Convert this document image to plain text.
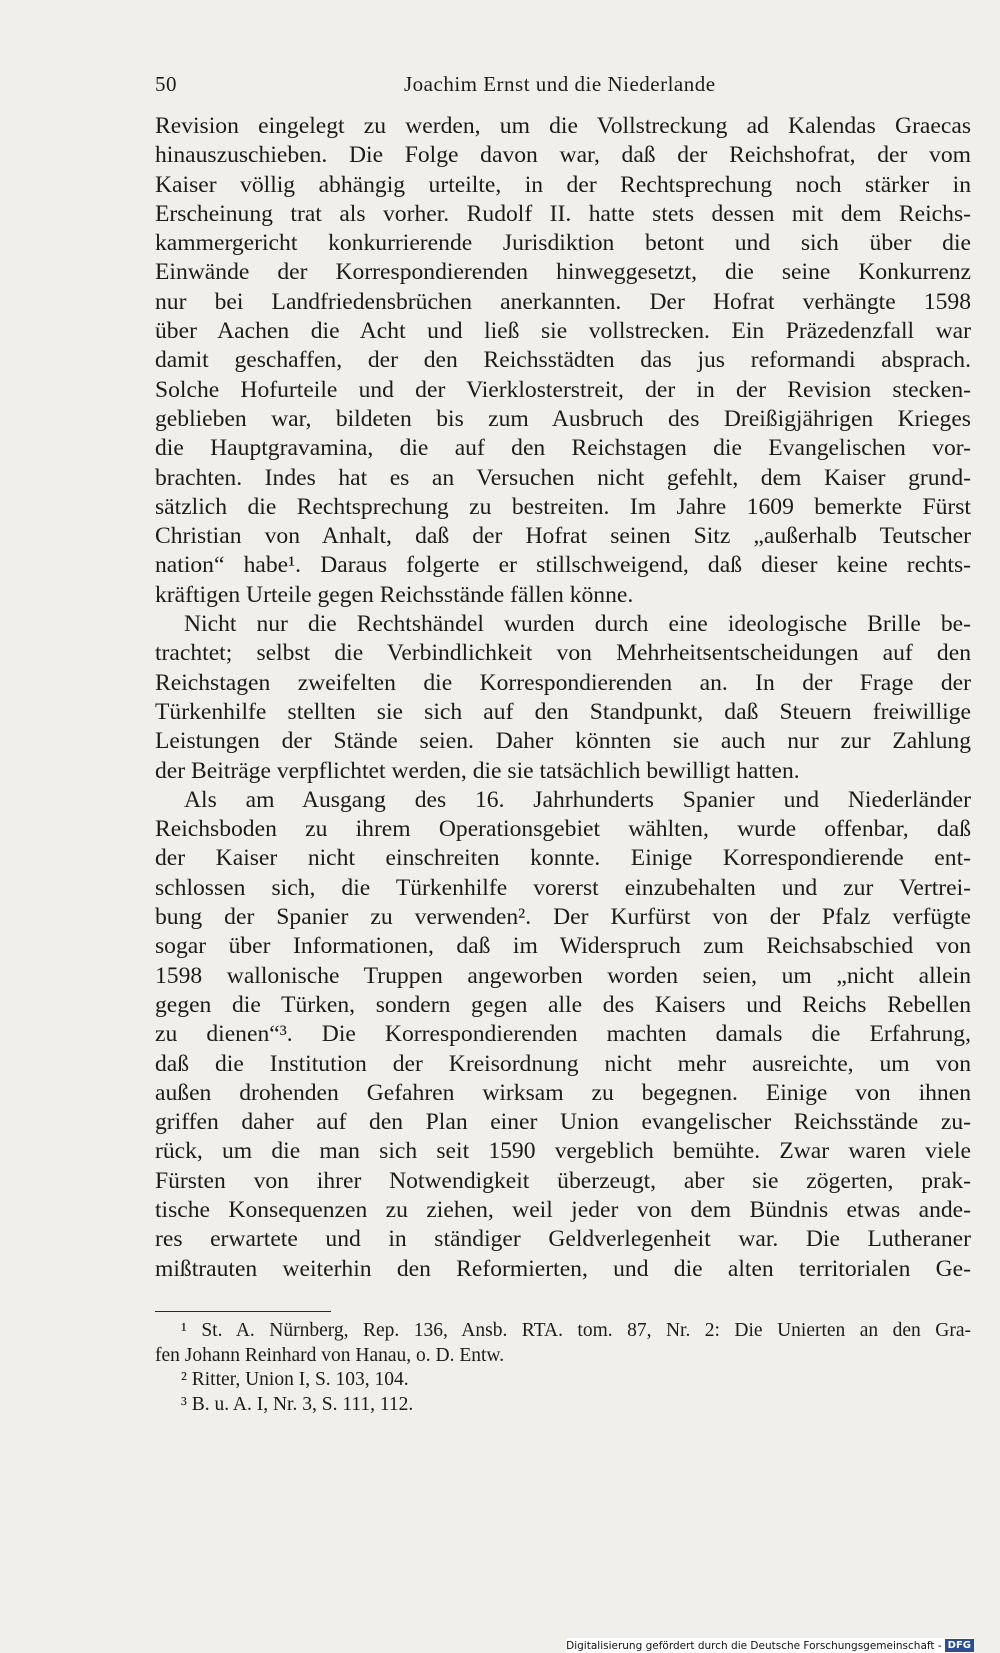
50	Joachim Ernst und die Niederlande
Revision eingelegt zu werden, um die Vollstreckung ad Kalendas Graecas
hinauszuschieben. Die Folge davon war, daß der Reichshofrat, der vom
Kaiser völlig abhängig urteilte, in der Rechtsprechung noch stärker in
Erscheinung trat als vorher. Rudolf II. hatte stets dessen mit dem Reichs-
kammergericht konkurrierende Jurisdiktion betont und sich über die
Einwände der Korrespondierenden hinweggesetzt, die seine Konkurrenz
nur bei Landfriedensbrüchen anerkannten. Der Hofrat verhängte 1598
über Aachen die Acht und ließ sie vollstrecken. Ein Präzedenzfall war
damit geschaffen, der den Reichsstädten das jus reformandi absprach.
Solche Hofurteile und der Vierklosterstreit, der in der Revision stecken-
geblieben war, bildeten bis zum Ausbruch des Dreißigjährigen Krieges
die Hauptgravamina, die auf den Reichstagen die Evangelischen vor-
brachten. Indes hat es an Versuchen nicht gefehlt, dem Kaiser grund-
sätzlich die Rechtsprechung zu bestreiten. Im Jahre 1609 bemerkte Fürst
Christian von Anhalt, daß der Hofrat seinen Sitz „außerhalb Teutscher
nation“ habe¹. Daraus folgerte er stillschweigend, daß dieser keine rechts-
kräftigen Urteile gegen Reichsstände fällen könne.
Nicht nur die Rechtshändel wurden durch eine ideologische Brille be-
trachtet; selbst die Verbindlichkeit von Mehrheitsentscheidungen auf den
Reichstagen zweifelten die Korrespondierenden an. In der Frage der
Türkenhilfe stellten sie sich auf den Standpunkt, daß Steuern freiwillige
Leistungen der Stände seien. Daher könnten sie auch nur zur Zahlung
der Beiträge verpflichtet werden, die sie tatsächlich bewilligt hatten.
Als am Ausgang des 16. Jahrhunderts Spanier und Niederländer
Reichsboden zu ihrem Operationsgebiet wählten, wurde offenbar, daß
der Kaiser nicht einschreiten konnte. Einige Korrespondierende ent-
schlossen sich, die Türkenhilfe vorerst einzubehalten und zur Vertrei-
bung der Spanier zu verwenden². Der Kurfürst von der Pfalz verfügte
sogar über Informationen, daß im Widerspruch zum Reichsabschied von
1598 wallonische Truppen angeworben worden seien, um „nicht allein
gegen die Türken, sondern gegen alle des Kaisers und Reichs Rebellen
zu dienen“³. Die Korrespondierenden machten damals die Erfahrung,
daß die Institution der Kreisordnung nicht mehr ausreichte, um von
außen drohenden Gefahren wirksam zu begegnen. Einige von ihnen
griffen daher auf den Plan einer Union evangelischer Reichsstände zu-
rück, um die man sich seit 1590 vergeblich bemühte. Zwar waren viele
Fürsten von ihrer Notwendigkeit überzeugt, aber sie zögerten, prak-
tische Konsequenzen zu ziehen, weil jeder von dem Bündnis etwas ande-
res erwartete und in ständiger Geldverlegenheit war. Die Lutheraner
mißtrauten weiterhin den Reformierten, und die alten territorialen Ge-
¹ St. A. Nürnberg, Rep. 136, Ansb. RTA. tom. 87, Nr. 2: Die Unierten an den Gra-
fen Johann Reinhard von Hanau, o. D. Entw.
² Ritter, Union I, S. 103, 104.
³ B. u. A. I, Nr. 3, S. 111, 112.
Digitalisierung gefördert durch die Deutsche Forschungsgemeinschaft - DFG
